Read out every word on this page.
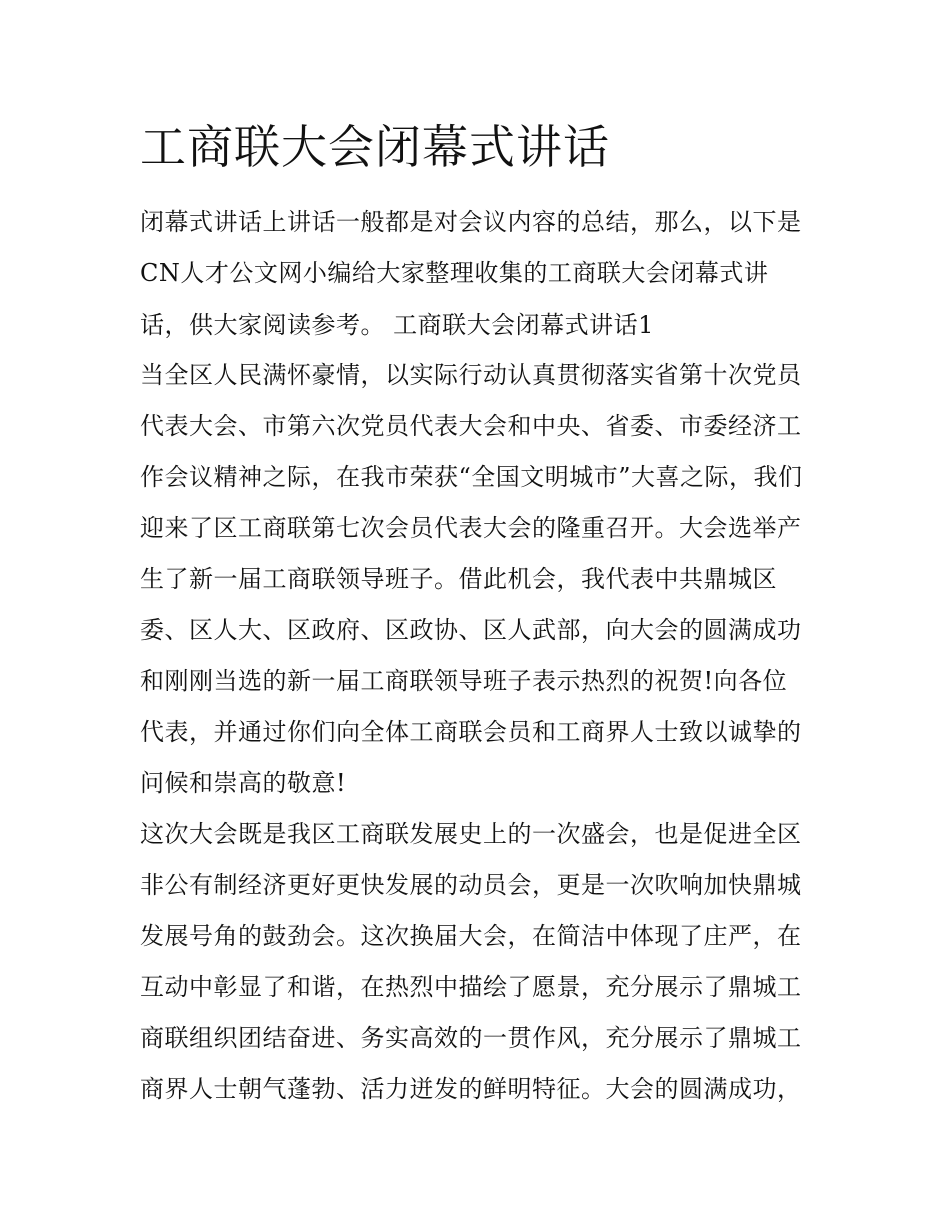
工商联大会闭幕式讲话

闭幕式讲话上讲话一般都是对会议内容的总结，那么，以下是

CN人才公文网小编给大家整理收集的工商联大会闭幕式讲

话，供大家阅读参考。 工商联大会闭幕式讲话1

当全区人民满怀豪情，以实际行动认真贯彻落实省第十次党员

代表大会、市第六次党员代表大会和中央、省委、市委经济工

作会议精神之际，在我市荣获“全国文明城市”大喜之际，我们

迎来了区工商联第七次会员代表大会的隆重召开。大会选举产

生了新一届工商联领导班子。借此机会，我代表中共鼎城区

委、区人大、区政府、区政协、区人武部，向大会的圆满成功

和刚刚当选的新一届工商联领导班子表示热烈的祝贺!向各位

代表，并通过你们向全体工商联会员和工商界人士致以诚挚的

问候和崇高的敬意!

这次大会既是我区工商联发展史上的一次盛会，也是促进全区

非公有制经济更好更快发展的动员会，更是一次吹响加快鼎城

发展号角的鼓劲会。这次换届大会，在简洁中体现了庄严，在

互动中彰显了和谐，在热烈中描绘了愿景，充分展示了鼎城工

商联组织团结奋进、务实高效的一贯作风，充分展示了鼎城工

商界人士朝气蓬勃、活力迸发的鲜明特征。大会的圆满成功，
